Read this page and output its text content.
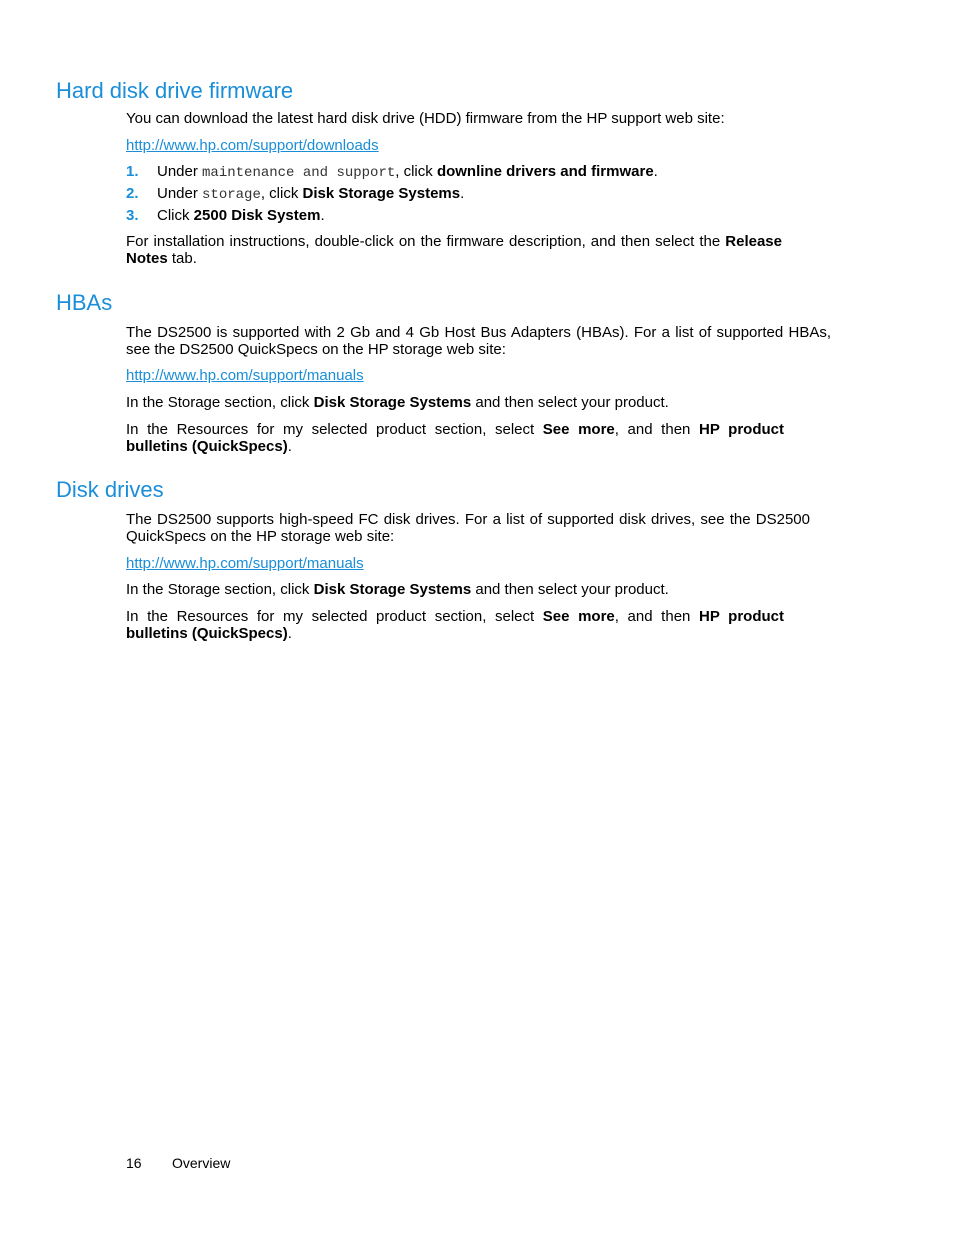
Hard disk drive firmware

You can download the latest hard disk drive (HDD) firmware from the HP support web site:

http://www.hp.com/support/downloads

1. Under maintenance and support, click downline drivers and firmware.

2. Under storage, click Disk Storage Systems.

3. Click 2500 Disk System.

For installation instructions, double-click on the firmware description, and then select the Release Notes tab.

HBAs

The DS2500 is supported with 2 Gb and 4 Gb Host Bus Adapters (HBAs). For a list of supported HBAs, see the DS2500 QuickSpecs on the HP storage web site:

http://www.hp.com/support/manuals

In the Storage section, click Disk Storage Systems and then select your product.

In the Resources for my selected product section, select See more, and then HP product bulletins (QuickSpecs).

Disk drives

The DS2500 supports high-speed FC disk drives. For a list of supported disk drives, see the DS2500 QuickSpecs on the HP storage web site:

http://www.hp.com/support/manuals

In the Storage section, click Disk Storage Systems and then select your product.

In the Resources for my selected product section, select See more, and then HP product bulletins (QuickSpecs).

16 Overview
